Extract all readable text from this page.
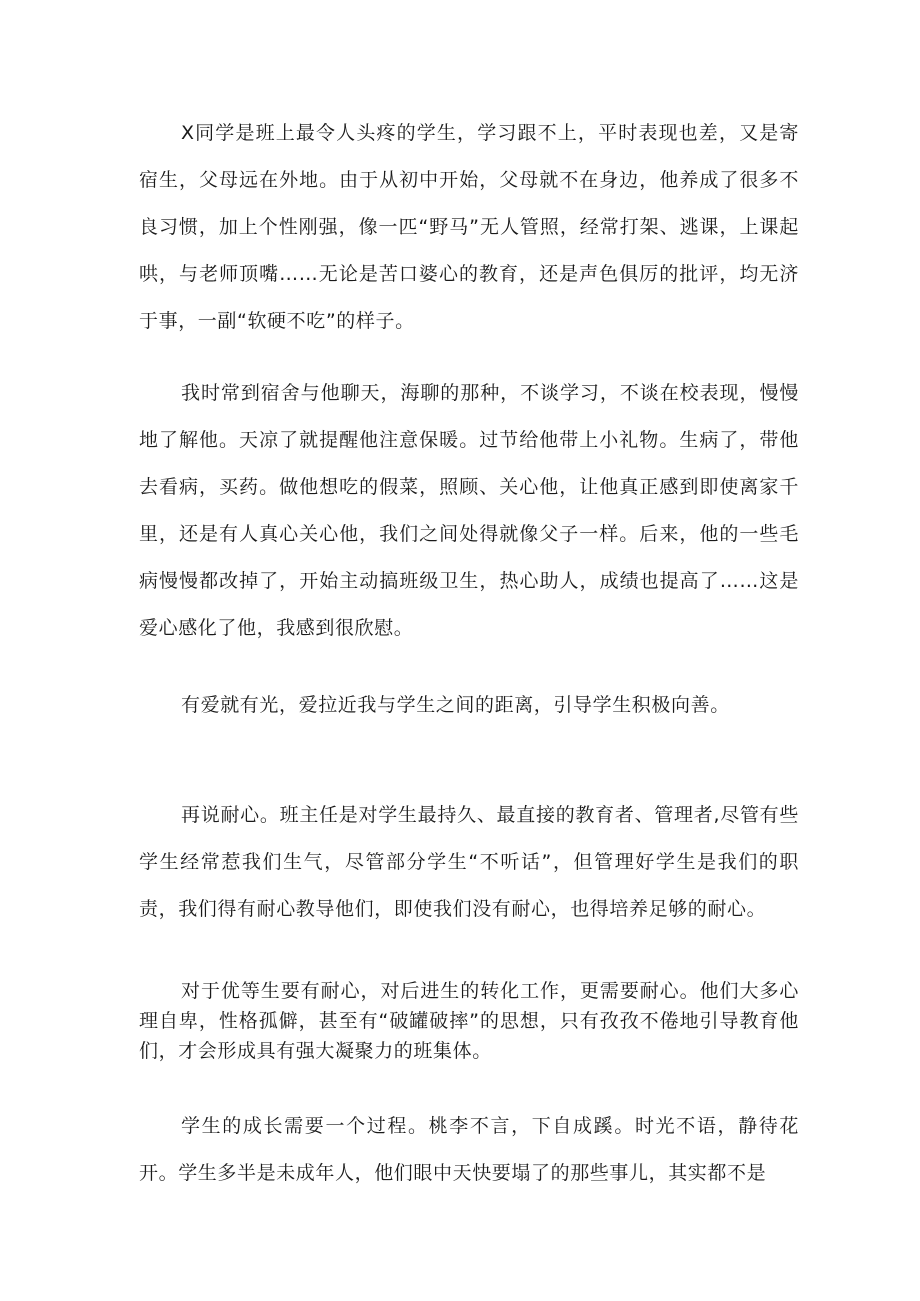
X同学是班上最令人头疼的学生，学习跟不上，平时表现也差，又是寄宿生，父母远在外地。由于从初中开始，父母就不在身边，他养成了很多不良习惯，加上个性刚强，像一匹“野马”无人管照，经常打架、逃课，上课起哄，与老师顶嘴……无论是苦口婆心的教育，还是声色俱厉的批评，均无济于事，一副“软硬不吃”的样子。

我时常到宿舍与他聊天，海聊的那种，不谈学习，不谈在校表现，慢慢地了解他。天凉了就提醒他注意保暖。过节给他带上小礼物。生病了，带他去看病，买药。做他想吃的假菜，照顾、关心他，让他真正感到即使离家千里，还是有人真心关心他，我们之间处得就像父子一样。后来，他的一些毛病慢慢都改掉了，开始主动搞班级卫生，热心助人，成绩也提高了……这是爱心感化了他，我感到很欣慰。

有爱就有光，爱拉近我与学生之间的距离，引导学生积极向善。

再说耐心。班主任是对学生最持久、最直接的教育者、管理者,尽管有些学生经常惹我们生气，尽管部分学生“不听话”，但管理好学生是我们的职责，我们得有耐心教导他们，即使我们没有耐心，也得培养足够的耐心。

对于优等生要有耐心，对后进生的转化工作，更需要耐心。他们大多心理自卑，性格孤僻，甚至有“破罐破摔”的思想，只有孜孜不倦地引导教育他们，才会形成具有强大凝聚力的班集体。

学生的成长需要一个过程。桃李不言，下自成蹊。时光不语，静待花开。学生多半是未成年人，他们眼中天快要塌了的那些事儿，其实都不是
